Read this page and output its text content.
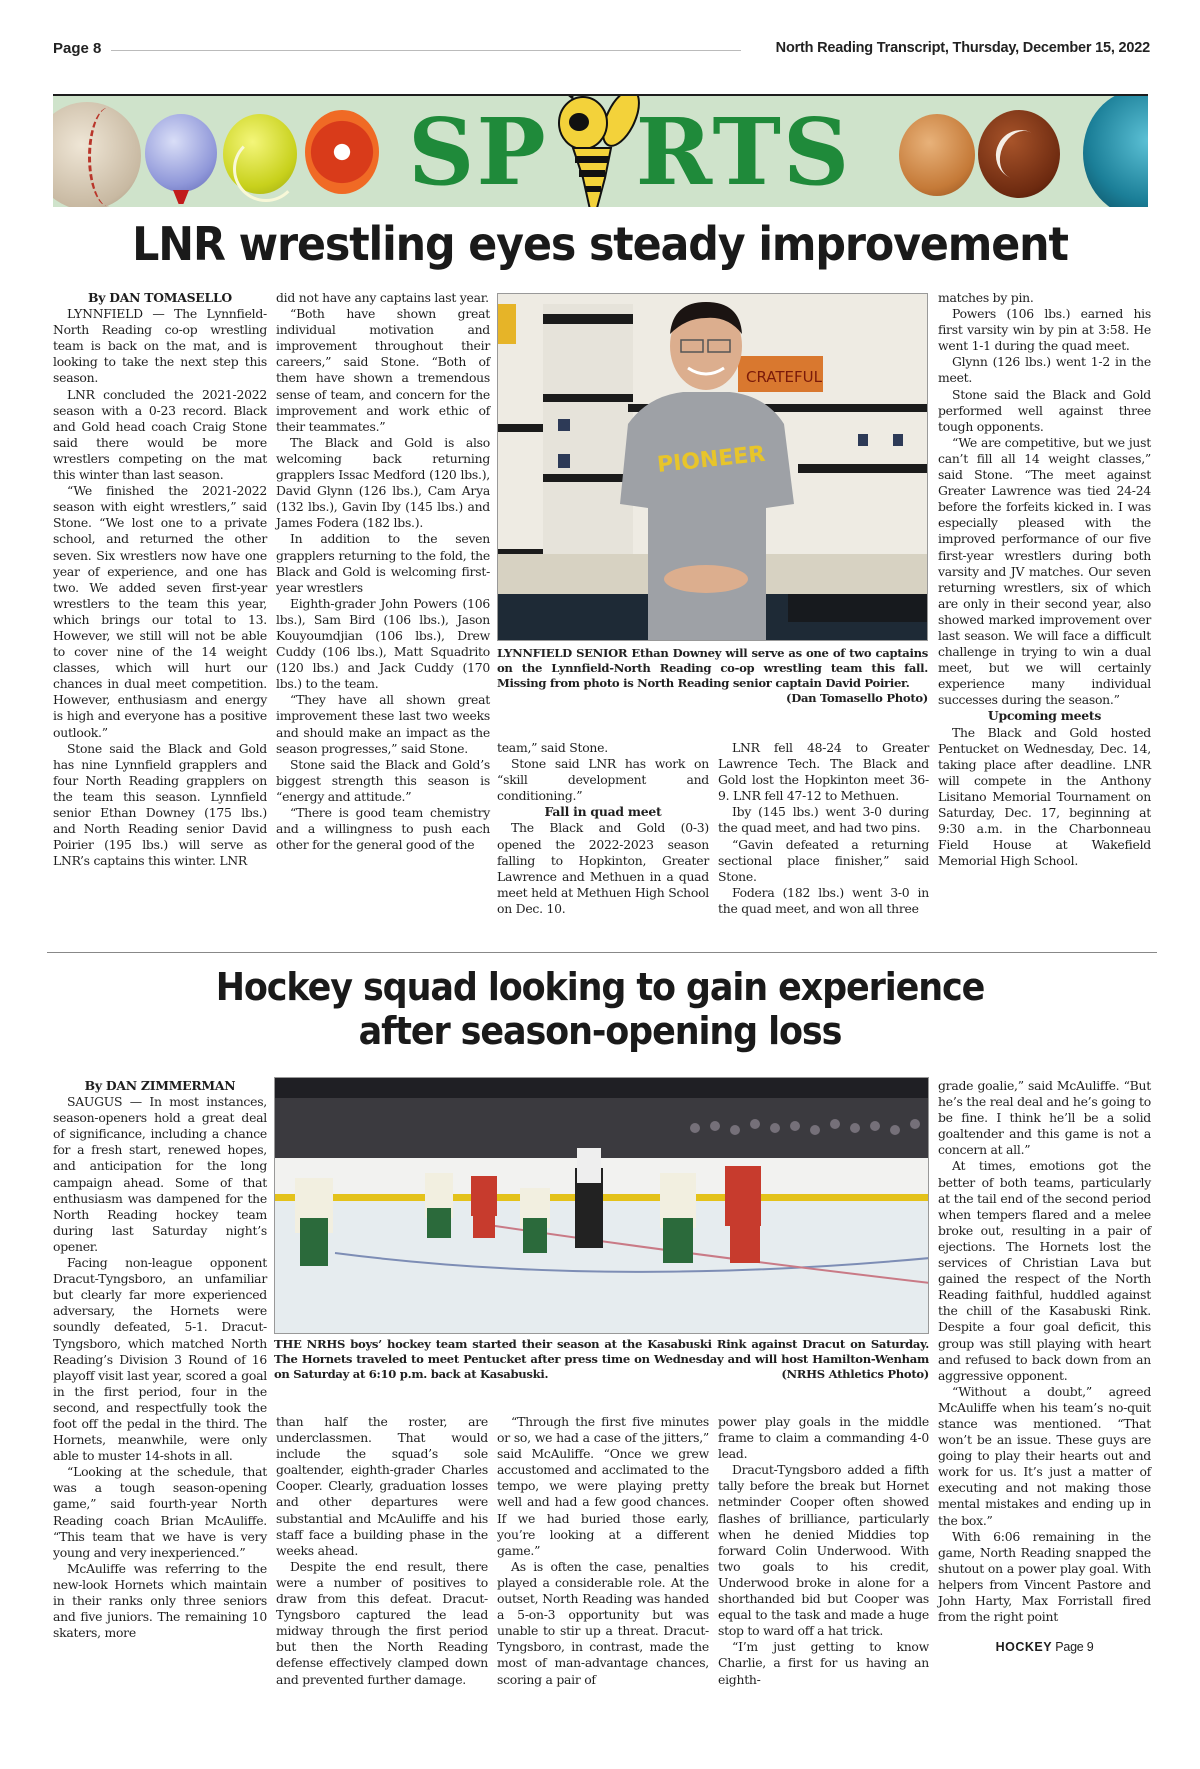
Page 8	North Reading Transcript, Thursday, December 15, 2022
SP RTS
LNR wrestling eyes steady improvement

By DAN TOMASELLO

LYNNFIELD — The Lynnfield-North Reading co-op wrestling team is back on the mat, and is looking to take the next step this season.

LNR concluded the 2021-2022 season with a 0-23 record. Black and Gold head coach Craig Stone said there would be more wrestlers competing on the mat this winter than last season.

“We finished the 2021-2022 season with eight wrestlers,” said Stone. “We lost one to a private school, and returned the other seven. Six wrestlers now have one year of experience, and one has two. We added seven first-year wrestlers to the team this year, which brings our total to 13. However, we still will not be able to cover nine of the 14 weight classes, which will hurt our chances in dual meet competition. However, enthusiasm and energy is high and everyone has a positive outlook.”

Stone said the Black and Gold has nine Lynnfield grapplers and four North Reading grapplers on the team this season. Lynnfield senior Ethan Downey (175 lbs.) and North Reading senior David Poirier (195 lbs.) will serve as LNR’s captains this winter. LNR

did not have any captains last year.

“Both have shown great individual motivation and improvement throughout their careers,” said Stone. “Both of them have shown a tremendous sense of team, and concern for the improvement and work ethic of their teammates.”

The Black and Gold is also welcoming back returning grapplers Issac Medford (120 lbs.), David Glynn (126 lbs.), Cam Arya (132 lbs.), Gavin Iby (145 lbs.) and James Fodera (182 lbs.).

In addition to the seven grapplers returning to the fold, the Black and Gold is welcoming first-year wrestlers

Eighth-grader John Powers (106 lbs.), Sam Bird (106 lbs.), Jason Kouyoumdjian (106 lbs.), Drew Cuddy (106 lbs.), Matt Squadrito (120 lbs.) and Jack Cuddy (170 lbs.) to the team.

“They have all shown great improvement these last two weeks and should make an impact as the season progresses,” said Stone.

Stone said the Black and Gold’s biggest strength this season is “energy and attitude.”

“There is good team chemistry and a willingness to push each other for the general good of the

CRATEFUL
PIONEER
LYNNFIELD SENIOR Ethan Downey will serve as one of two captains on the Lynnfield-North Reading co-op wrestling team this fall. Missing from photo is North Reading senior captain David Poirier.
(Dan Tomasello Photo)

team,” said Stone.

Stone said LNR has work on “skill development and conditioning.”

Fall in quad meet

The Black and Gold (0-3) opened the 2022-2023 season falling to Hopkinton, Greater Lawrence and Methuen in a quad meet held at Methuen High School on Dec. 10.

LNR fell 48-24 to Greater Lawrence Tech. The Black and Gold lost the Hopkinton meet 36-9. LNR fell 47-12 to Methuen.

Iby (145 lbs.) went 3-0 during the quad meet, and had two pins.

“Gavin defeated a returning sectional place finisher,” said Stone.

Fodera (182 lbs.) went 3-0 in the quad meet, and won all three

matches by pin.

Powers (106 lbs.) earned his first varsity win by pin at 3:58. He went 1-1 during the quad meet.

Glynn (126 lbs.) went 1-2 in the meet.

Stone said the Black and Gold performed well against three tough opponents.

“We are competitive, but we just can’t fill all 14 weight classes,” said Stone. “The meet against Greater Lawrence was tied 24-24 before the forfeits kicked in. I was especially pleased with the improved performance of our five first-year wrestlers during both varsity and JV matches. Our seven returning wrestlers, six of which are only in their second year, also showed marked improvement over last season. We will face a difficult challenge in trying to win a dual meet, but we will certainly experience many individual successes during the season.”

Upcoming meets

The Black and Gold hosted Pentucket on Wednesday, Dec. 14, taking place after deadline. LNR will compete in the Anthony Lisitano Memorial Tournament on Saturday, Dec. 17, beginning at 9:30 a.m. in the Charbonneau Field House at Wakefield Memorial High School.

Hockey squad looking to gain experience
after season-opening loss

By DAN ZIMMERMAN

SAUGUS — In most instances, season-openers hold a great deal of significance, including a chance for a fresh start, renewed hopes, and anticipation for the long campaign ahead. Some of that enthusiasm was dampened for the North Reading hockey team during last Saturday night’s opener.

Facing non-league opponent Dracut-Tyngsboro, an unfamiliar but clearly far more experienced adversary, the Hornets were soundly defeated, 5-1. Dracut-Tyngsboro, which matched North Reading’s Division 3 Round of 16 playoff visit last year, scored a goal in the first period, four in the second, and respectfully took the foot off the pedal in the third. The Hornets, meanwhile, were only able to muster 14-shots in all.

“Looking at the schedule, that was a tough season-opening game,” said fourth-year North Reading coach Brian McAuliffe. “This team that we have is very young and very inexperienced.”

McAuliffe was referring to the new-look Hornets which maintain in their ranks only three seniors and five juniors. The remaining 10 skaters, more

THE NRHS boys’ hockey team started their season at the Kasabuski Rink against Dracut on Saturday. The Hornets traveled to meet Pentucket after press time on Wednesday and will host Hamilton-Wenham on Saturday at 6:10 p.m. back at Kasabuski.	(NRHS Athletics Photo)

than half the roster, are underclassmen. That would include the squad’s sole goaltender, eighth-grader Charles Cooper. Clearly, graduation losses and other departures were substantial and McAuliffe and his staff face a building phase in the weeks ahead.

Despite the end result, there were a number of positives to draw from this defeat. Dracut-Tyngsboro captured the lead midway through the first period but then the North Reading defense effectively clamped down and prevented further damage.

“Through the first five minutes or so, we had a case of the jitters,” said McAuliffe. “Once we grew accustomed and acclimated to the tempo, we were playing pretty well and had a few good chances. If we had buried those early, you’re looking at a different game.”

As is often the case, penalties played a considerable role. At the outset, North Reading was handed a 5-on-3 opportunity but was unable to stir up a threat. Dracut-Tyngsboro, in contrast, made the most of man-advantage chances, scoring a pair of

power play goals in the middle frame to claim a commanding 4-0 lead.

Dracut-Tyngsboro added a fifth tally before the break but Hornet netminder Cooper often showed flashes of brilliance, particularly when he denied Middies top forward Colin Underwood. With two goals to his credit, Underwood broke in alone for a shorthanded bid but Cooper was equal to the task and made a huge stop to ward off a hat trick.

“I’m just getting to know Charlie, a first for us having an eighth-

grade goalie,” said McAuliffe. “But he’s the real deal and he’s going to be fine. I think he’ll be a solid goaltender and this game is not a concern at all.”

At times, emotions got the better of both teams, particularly at the tail end of the second period when tempers flared and a melee broke out, resulting in a pair of ejections. The Hornets lost the services of Christian Lava but gained the respect of the North Reading faithful, huddled against the chill of the Kasabuski Rink. Despite a four goal deficit, this group was still playing with heart and refused to back down from an aggressive opponent.

“Without a doubt,” agreed McAuliffe when his team’s no-quit stance was mentioned. “That won’t be an issue. These guys are going to play their hearts out and work for us. It’s just a matter of executing and not making those mental mistakes and ending up in the box.”

With 6:06 remaining in the game, North Reading snapped the shutout on a power play goal. With helpers from Vincent Pastore and John Harty, Max Forristall fired from the right point

HOCKEY Page 9
